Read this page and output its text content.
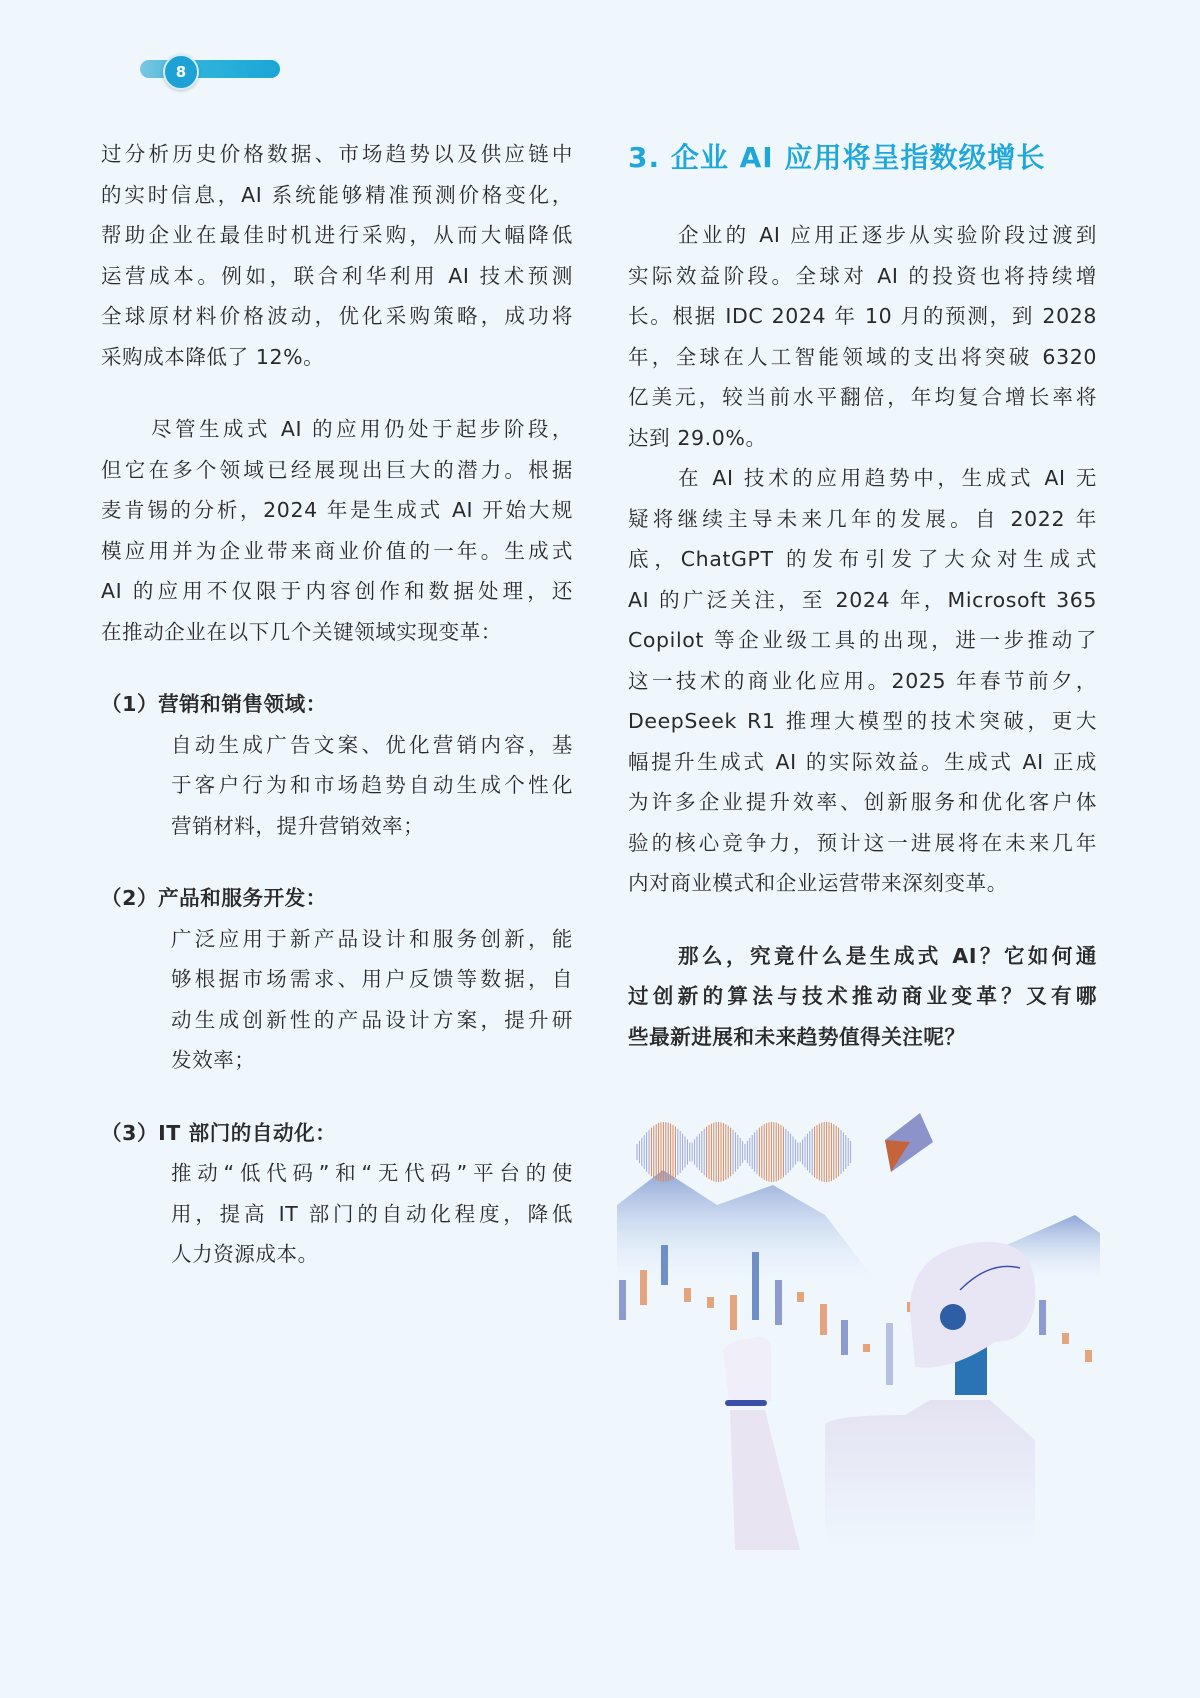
8
过分析历史价格数据、市场趋势以及供应链中
的实时信息，AI 系统能够精准预测价格变化，
帮助企业在最佳时机进行采购，从而大幅降低
运营成本。例如，联合利华利用 AI 技术预测
全球原材料价格波动，优化采购策略，成功将
采购成本降低了 12%。
尽管生成式 AI 的应用仍处于起步阶段，
但它在多个领域已经展现出巨大的潜力。根据
麦肯锡的分析，2024 年是生成式 AI 开始大规
模应用并为企业带来商业价值的一年。生成式
AI 的应用不仅限于内容创作和数据处理，还
在推动企业在以下几个关键领域实现变革：
（1）营销和销售领域：
自动生成广告文案、优化营销内容，基
于客户行为和市场趋势自动生成个性化
营销材料，提升营销效率；
（2）产品和服务开发：
广泛应用于新产品设计和服务创新，能
够根据市场需求、用户反馈等数据，自
动生成创新性的产品设计方案，提升研
发效率；
（3）IT 部门的自动化：
推动“低代码”和“无代码”平台的使
用，提高 IT 部门的自动化程度，降低
人力资源成本。
3. 企业 AI 应用将呈指数级增长
企业的 AI 应用正逐步从实验阶段过渡到
实际效益阶段。全球对 AI 的投资也将持续增
长。根据 IDC 2024 年 10 月的预测，到 2028
年，全球在人工智能领域的支出将突破 6320
亿美元，较当前水平翻倍，年均复合增长率将
达到 29.0%。
在 AI 技术的应用趋势中，生成式 AI 无
疑将继续主导未来几年的发展。自 2022 年
底，ChatGPT 的发布引发了大众对生成式
AI 的广泛关注，至 2024 年，Microsoft 365
Copilot 等企业级工具的出现，进一步推动了
这一技术的商业化应用。2025 年春节前夕，
DeepSeek R1 推理大模型的技术突破，更大
幅提升生成式 AI 的实际效益。生成式 AI 正成
为许多企业提升效率、创新服务和优化客户体
验的核心竞争力，预计这一进展将在未来几年
内对商业模式和企业运营带来深刻变革。
那么，究竟什么是生成式 AI？它如何通
过创新的算法与技术推动商业变革？又有哪
些最新进展和未来趋势值得关注呢？
